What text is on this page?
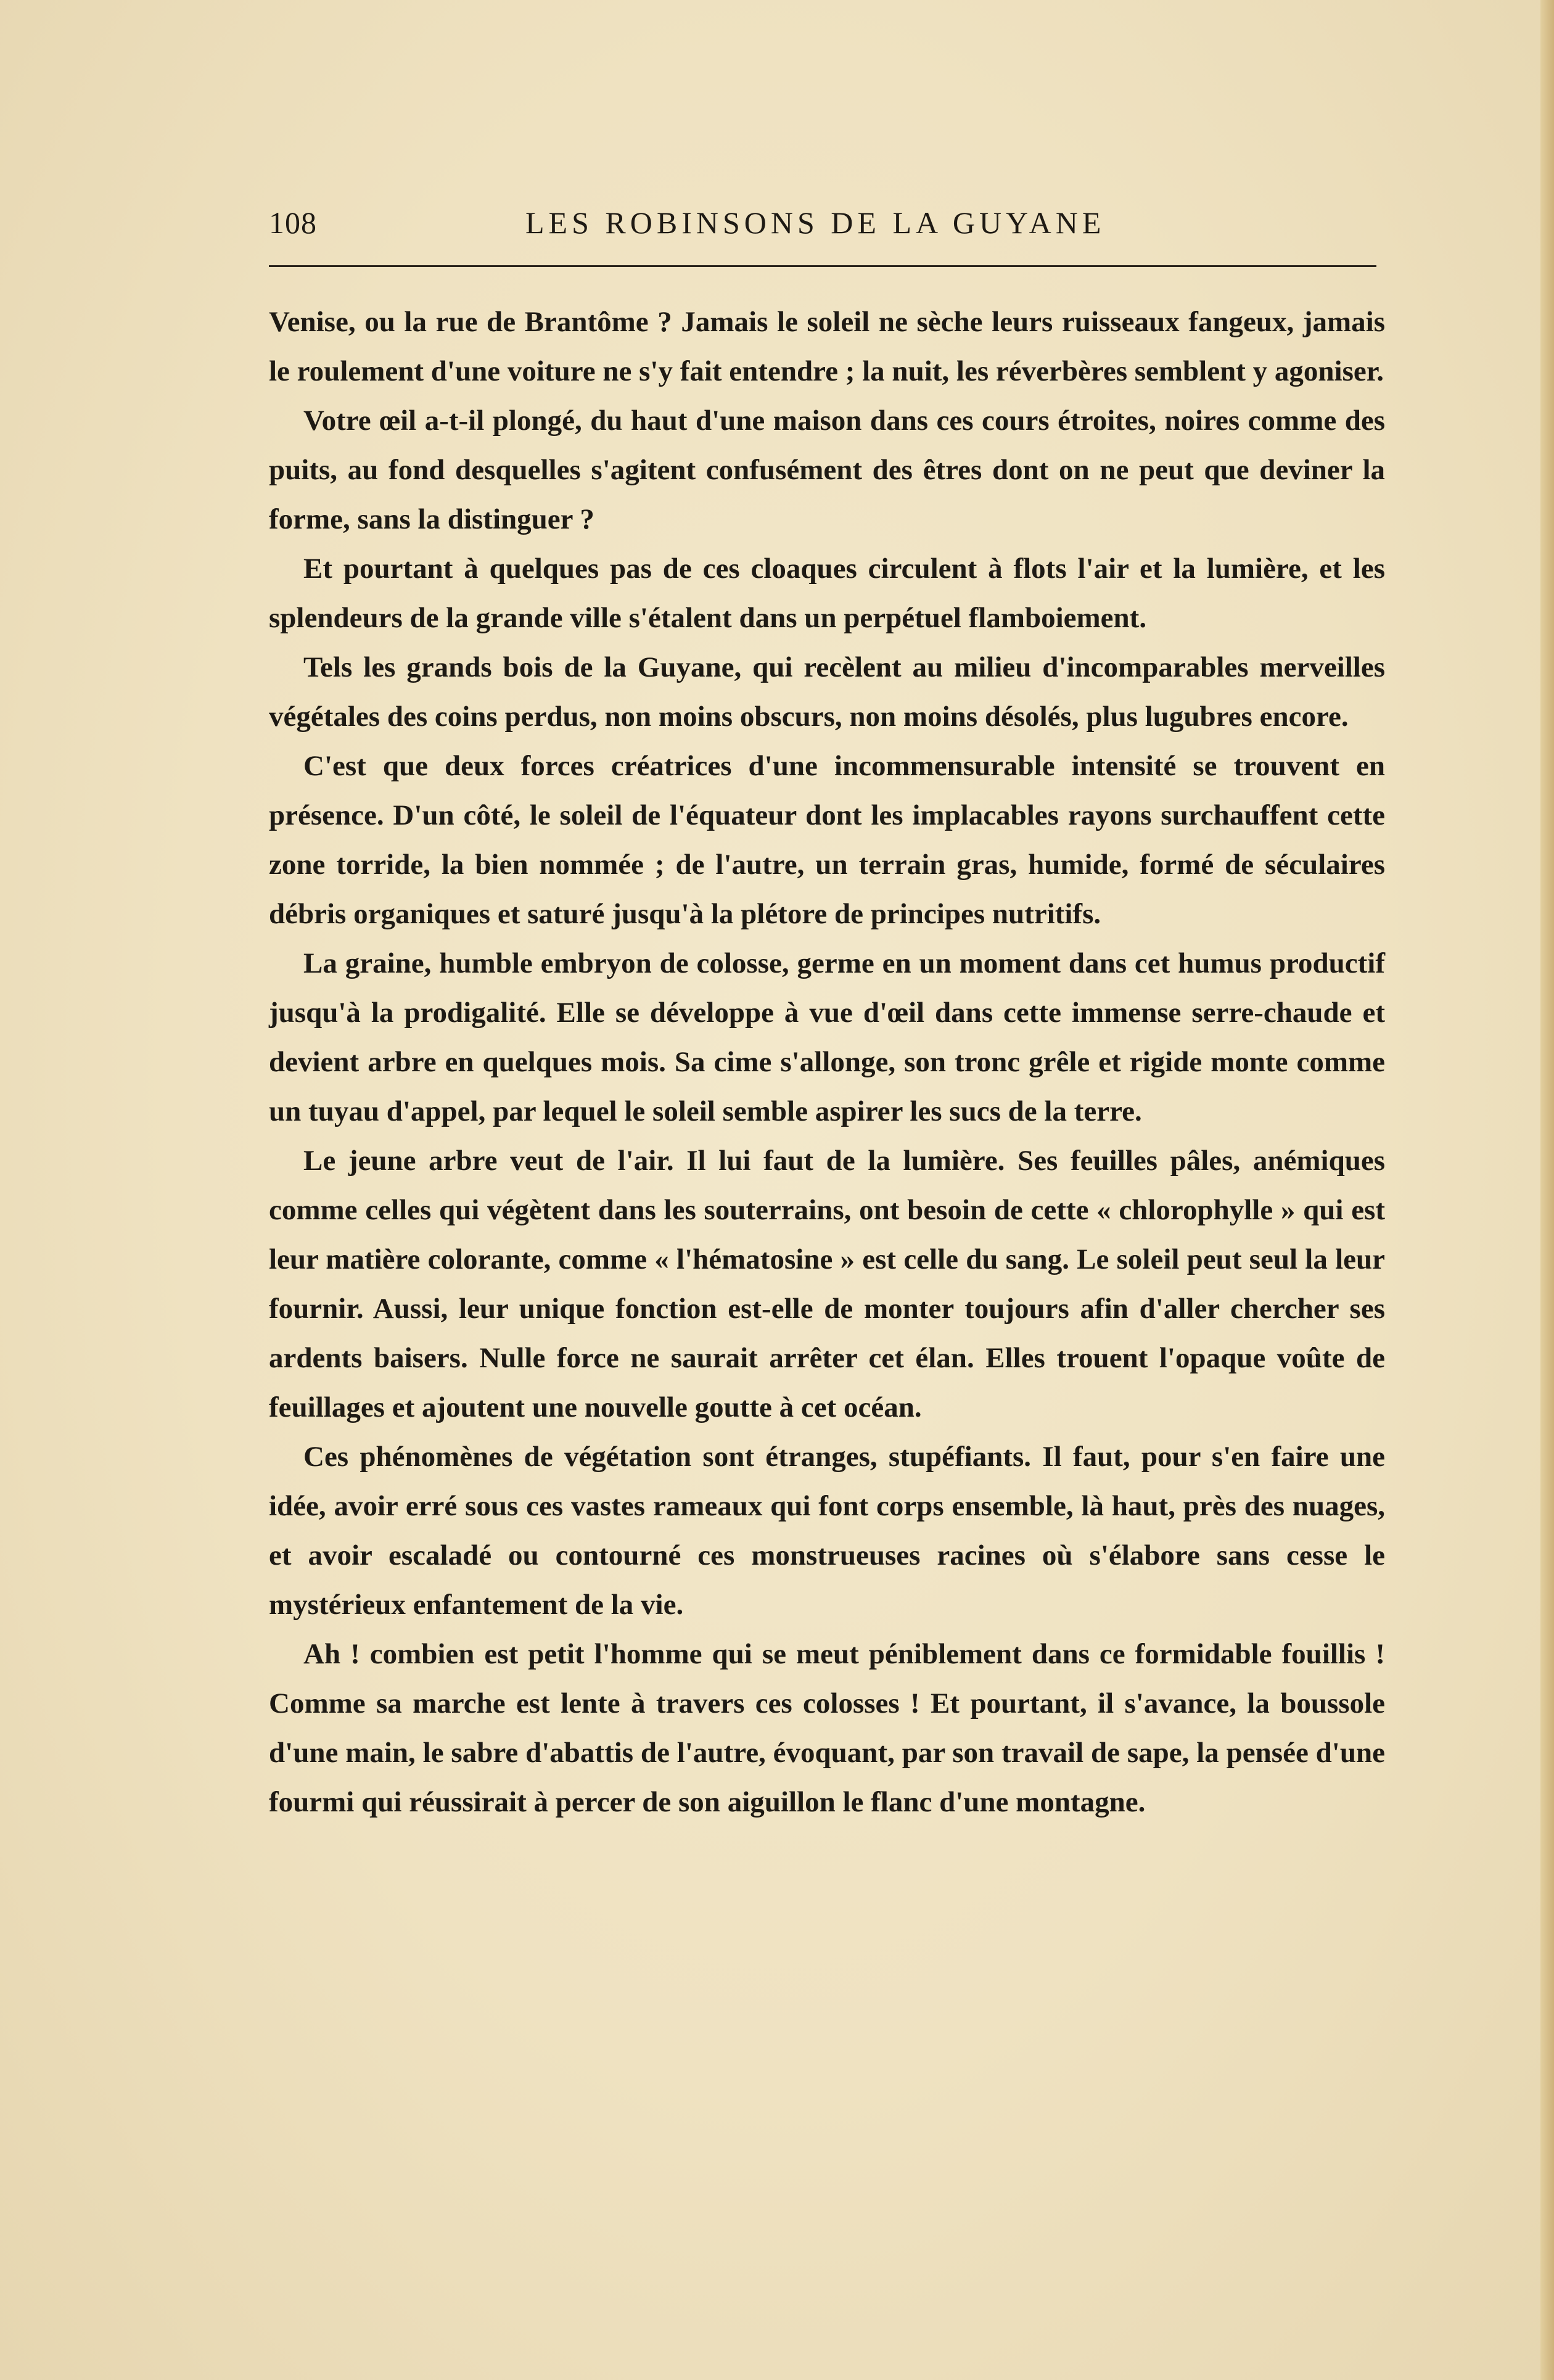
108	LES ROBINSONS DE LA GUYANE

Venise, ou la rue de Brantôme ? Jamais le soleil ne sèche leurs ruisseaux fangeux, jamais le roulement d'une voiture ne s'y fait entendre ; la nuit, les réverbères semblent y agoniser.

Votre œil a-t-il plongé, du haut d'une maison dans ces cours étroites, noires comme des puits, au fond desquelles s'agitent confusément des êtres dont on ne peut que deviner la forme, sans la distinguer ?

Et pourtant à quelques pas de ces cloaques circulent à flots l'air et la lumière, et les splendeurs de la grande ville s'étalent dans un perpétuel flamboiement.

Tels les grands bois de la Guyane, qui recèlent au milieu d'incomparables merveilles végétales des coins perdus, non moins obscurs, non moins désolés, plus lugubres encore.

C'est que deux forces créatrices d'une incommensurable intensité se trouvent en présence. D'un côté, le soleil de l'équateur dont les implacables rayons surchauffent cette zone torride, la bien nommée ; de l'autre, un terrain gras, humide, formé de séculaires débris organiques et saturé jusqu'à la plétore de principes nutritifs.

La graine, humble embryon de colosse, germe en un moment dans cet humus productif jusqu'à la prodigalité. Elle se développe à vue d'œil dans cette immense serre-chaude et devient arbre en quelques mois. Sa cime s'allonge, son tronc grêle et rigide monte comme un tuyau d'appel, par lequel le soleil semble aspirer les sucs de la terre.

Le jeune arbre veut de l'air. Il lui faut de la lumière. Ses feuilles pâles, anémiques comme celles qui végètent dans les souterrains, ont besoin de cette « chlorophylle » qui est leur matière colorante, comme « l'hématosine » est celle du sang. Le soleil peut seul la leur fournir. Aussi, leur unique fonction est-elle de monter toujours afin d'aller chercher ses ardents baisers. Nulle force ne saurait arrêter cet élan. Elles trouent l'opaque voûte de feuillages et ajoutent une nouvelle goutte à cet océan.

Ces phénomènes de végétation sont étranges, stupéfiants. Il faut, pour s'en faire une idée, avoir erré sous ces vastes rameaux qui font corps ensemble, là haut, près des nuages, et avoir escaladé ou contourné ces monstrueuses racines où s'élabore sans cesse le mystérieux enfantement de la vie.

Ah ! combien est petit l'homme qui se meut péniblement dans ce formidable fouillis ! Comme sa marche est lente à travers ces colosses ! Et pourtant, il s'avance, la boussole d'une main, le sabre d'abattis de l'autre, évoquant, par son travail de sape, la pensée d'une fourmi qui réussirait à percer de son aiguillon le flanc d'une montagne.
